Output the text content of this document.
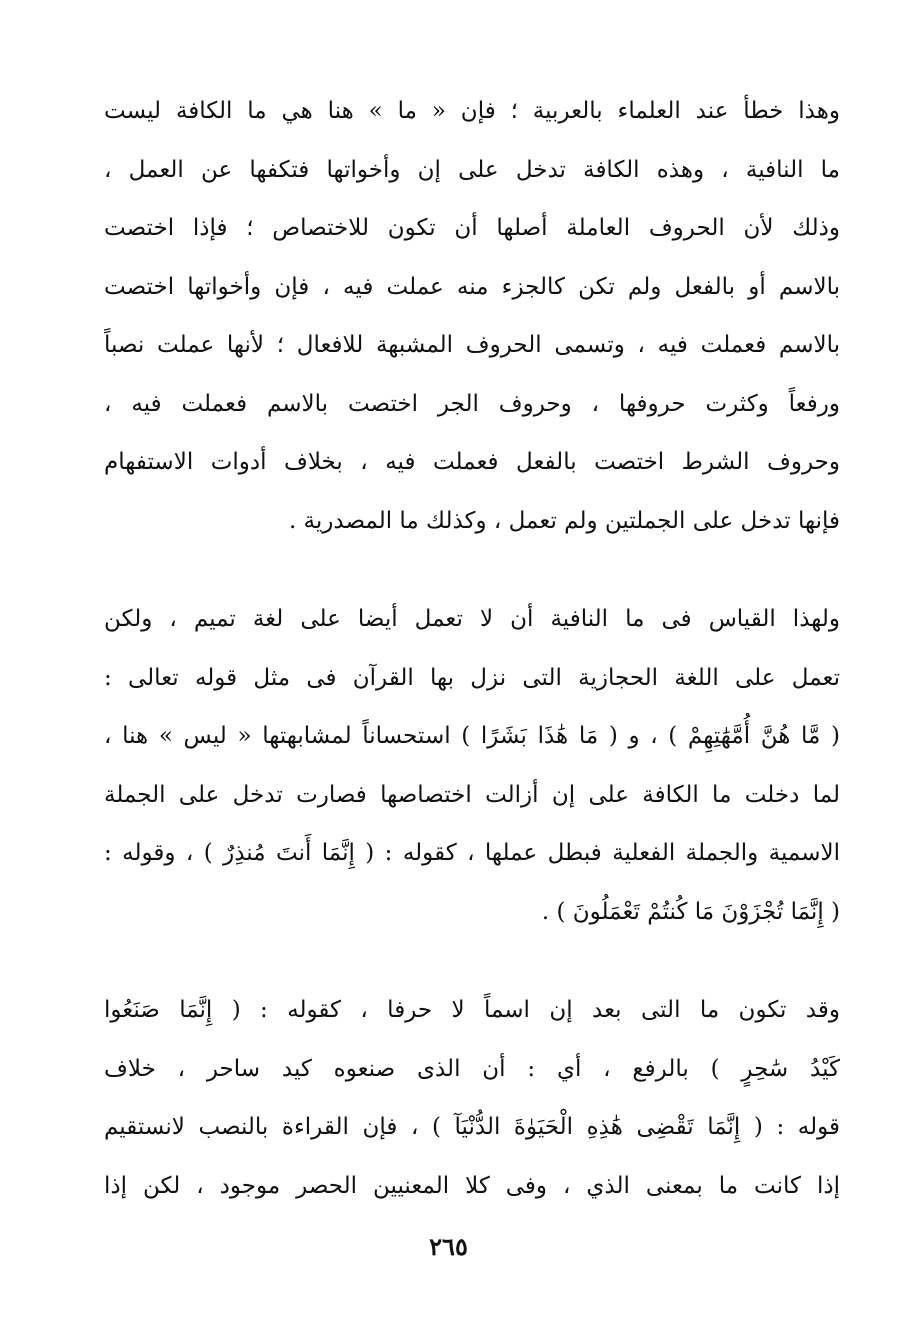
وهذا خطأ عند العلماء بالعربية ؛ فإن « ما » هنا هي ما الكافة ليست
ما النافية ، وهذه الكافة تدخل على إن وأخواتها فتكفها عن العمل ،
وذلك لأن الحروف العاملة أصلها أن تكون للاختصاص ؛ فإذا اختصت
بالاسم أو بالفعل ولم تكن كالجزء منه عملت فيه ، فإن وأخواتها اختصت
بالاسم فعملت فيه ، وتسمى الحروف المشبهة للافعال ؛ لأنها عملت نصباً
ورفعاً وكثرت حروفها ، وحروف الجر اختصت بالاسم فعملت فيه ،
وحروف الشرط اختصت بالفعل فعملت فيه ، بخلاف أدوات الاستفهام
فإنها تدخل على الجملتين ولم تعمل ، وكذلك ما المصدرية .
ولهذا القياس فى ما النافية أن لا تعمل أيضا على لغة تميم ، ولكن
تعمل على اللغة الحجازية التى نزل بها القرآن فى مثل قوله تعالى :
( مَّا هُنَّ أُمَّهَٰتِهِمْ ) ، و ( مَا هَٰذَا بَشَرًا ) استحساناً لمشابهتها « ليس » هنا ،
لما دخلت ما الكافة على إن أزالت اختصاصها فصارت تدخل على الجملة
الاسمية والجملة الفعلية فبطل عملها ، كقوله : ( إِنَّمَا أَنتَ مُنذِرٌ ) ، وقوله :
( إِنَّمَا تُجْزَوْنَ مَا كُنتُمْ تَعْمَلُونَ ) .
وقد تكون ما التى بعد إن اسماً لا حرفا ، كقوله : ( إِنَّمَا صَنَعُوا
كَيْدُ سَٰحِرٍ ) بالرفع ، أي : أن الذى صنعوه كيد ساحر ، خلاف
قوله : ( إِنَّمَا تَقْضِى هَٰذِهِ الْحَيَوٰةَ الدُّنْيَآ ) ، فإن القراءة بالنصب لانستقيم
إذا كانت ما بمعنى الذي ، وفى كلا المعنيين الحصر موجود ، لكن إذا
٢٦٥
